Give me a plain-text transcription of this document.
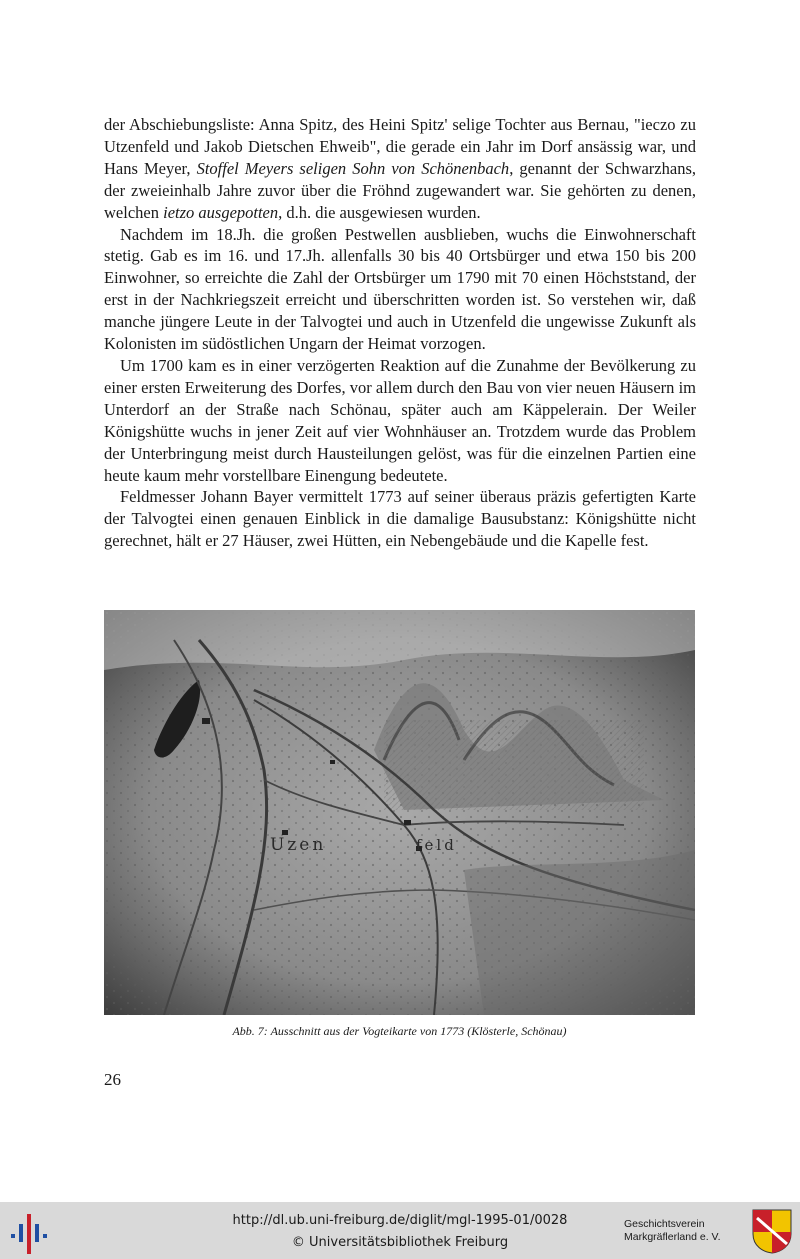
der Abschiebungsliste: Anna Spitz, des Heini Spitz' selige Tochter aus Bernau, "ieczo zu Utzenfeld und Jakob Dietschen Ehweib", die gerade ein Jahr im Dorf ansässig war, und Hans Meyer, Stoffel Meyers seligen Sohn von Schönenbach, genannt der Schwarzhans, der zweieinhalb Jahre zuvor über die Fröhnd zugewandert war. Sie gehörten zu denen, welchen ietzo ausgepotten, d.h. die ausgewiesen wurden.

Nachdem im 18.Jh. die großen Pestwellen ausblieben, wuchs die Einwohnerschaft stetig. Gab es im 16. und 17.Jh. allenfalls 30 bis 40 Ortsbürger und etwa 150 bis 200 Einwohner, so erreichte die Zahl der Ortsbürger um 1790 mit 70 einen Höchststand, der erst in der Nachkriegszeit erreicht und überschritten worden ist. So verstehen wir, daß manche jüngere Leute in der Talvogtei und auch in Utzenfeld die ungewisse Zukunft als Kolonisten im südöstlichen Ungarn der Heimat vorzogen.

Um 1700 kam es in einer verzögerten Reaktion auf die Zunahme der Bevölkerung zu einer ersten Erweiterung des Dorfes, vor allem durch den Bau von vier neuen Häusern im Unterdorf an der Straße nach Schönau, später auch am Käppelerain. Der Weiler Königshütte wuchs in jener Zeit auf vier Wohnhäuser an. Trotzdem wurde das Problem der Unterbringung meist durch Hausteilungen gelöst, was für die einzelnen Partien eine heute kaum mehr vorstellbare Einengung bedeutete.

Feldmesser Johann Bayer vermittelt 1773 auf seiner überaus präzis gefertigten Karte der Talvogtei einen genauen Einblick in die damalige Bausubstanz: Königshütte nicht gerechnet, hält er 27 Häuser, zwei Hütten, ein Nebengebäude und die Kapelle fest.

Uzen	feld
Abb. 7: Ausschnitt aus der Vogteikarte von 1773 (Klösterle, Schönau)
26
http://dl.ub.uni-freiburg.de/diglit/mgl-1995-01/0028
© Universitätsbibliothek Freiburg
Geschichtsverein
Markgräflerland e. V.
